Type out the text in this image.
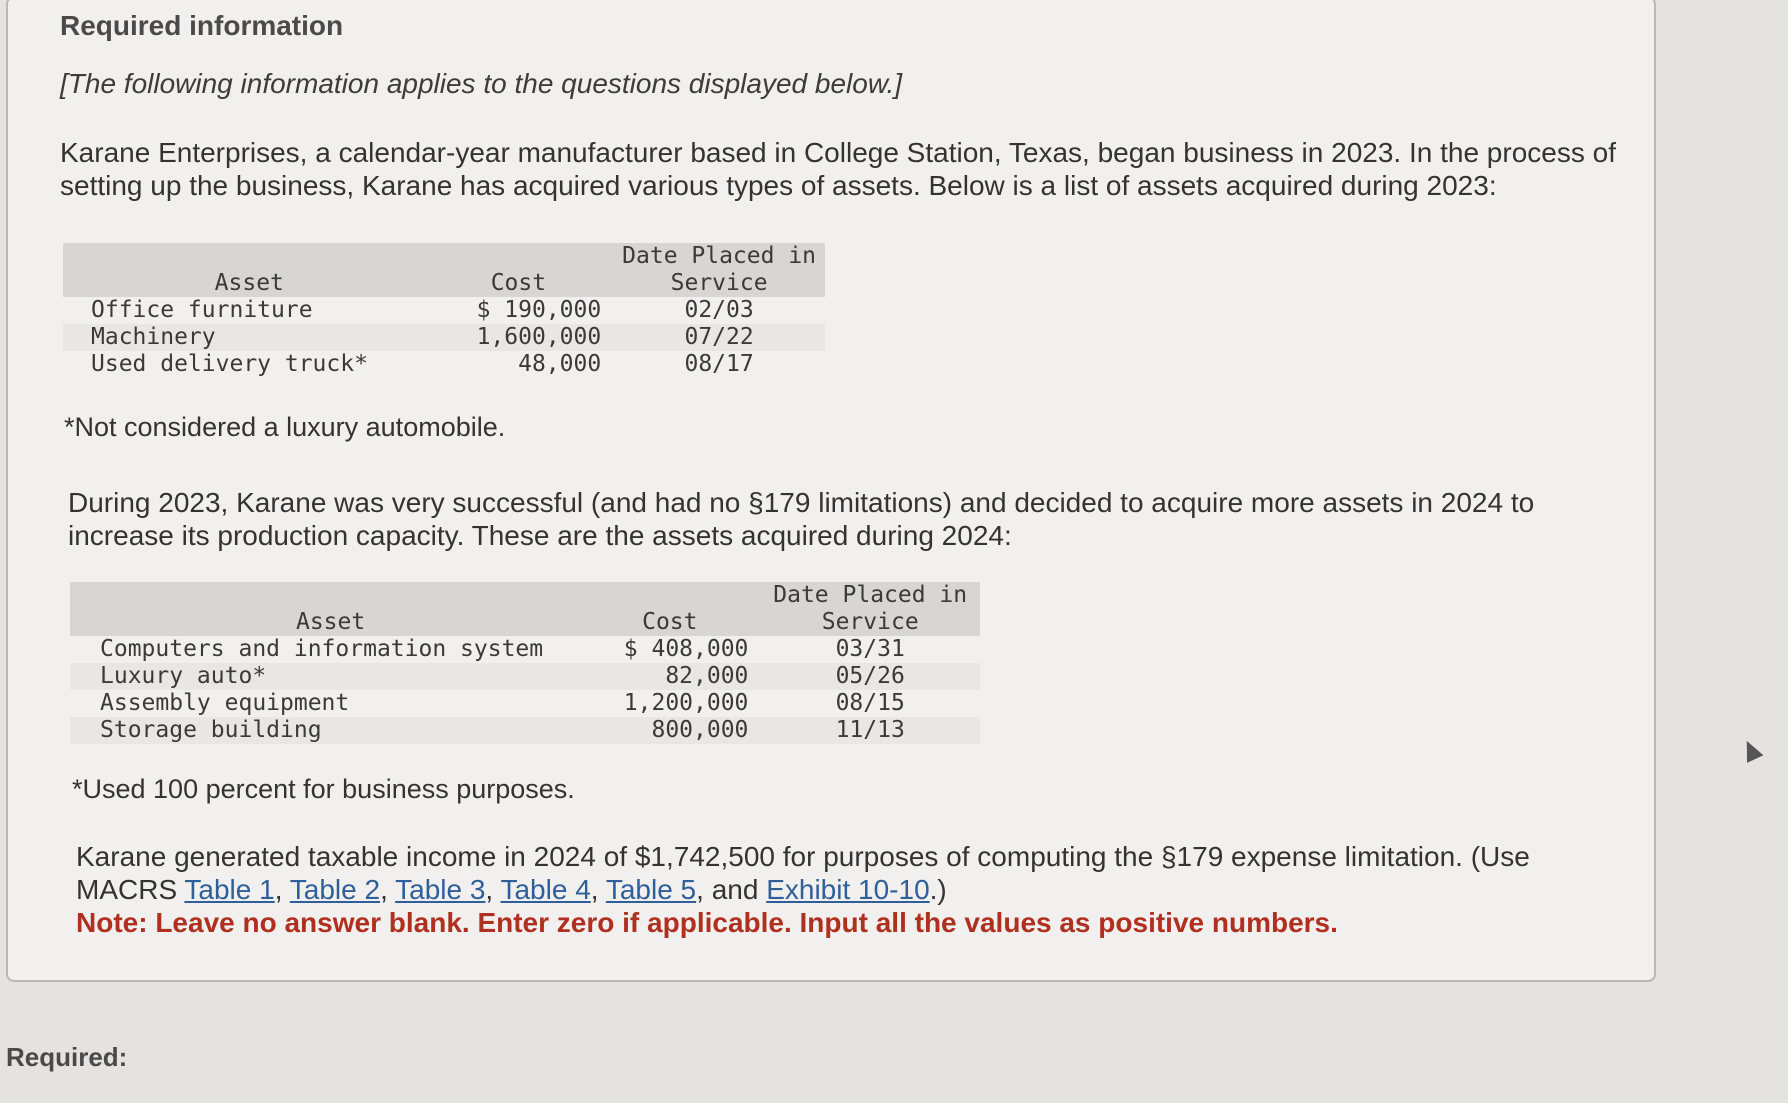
Required information
[The following information applies to the questions displayed below.]
Karane Enterprises, a calendar-year manufacturer based in College Station, Texas, began business in 2023. In the process of setting up the business, Karane has acquired various types of assets. Below is a list of assets acquired during 2023:
Asset	Cost	Date Placed in Service
Office furniture	$ 190,000	02/03
Machinery	1,600,000	07/22
Used delivery truck*	48,000	08/17
*Not considered a luxury automobile.
During 2023, Karane was very successful (and had no §179 limitations) and decided to acquire more assets in 2024 to increase its production capacity. These are the assets acquired during 2024:
Asset	Cost	Date Placed in Service
Computers and information system	$ 408,000	03/31
Luxury auto*	82,000	05/26
Assembly equipment	1,200,000	08/15
Storage building	800,000	11/13
*Used 100 percent for business purposes.
Karane generated taxable income in 2024 of $1,742,500 for purposes of computing the §179 expense limitation. (Use MACRS Table 1, Table 2, Table 3, Table 4, Table 5, and Exhibit 10-10.)
Note: Leave no answer blank. Enter zero if applicable. Input all the values as positive numbers.
Required:
